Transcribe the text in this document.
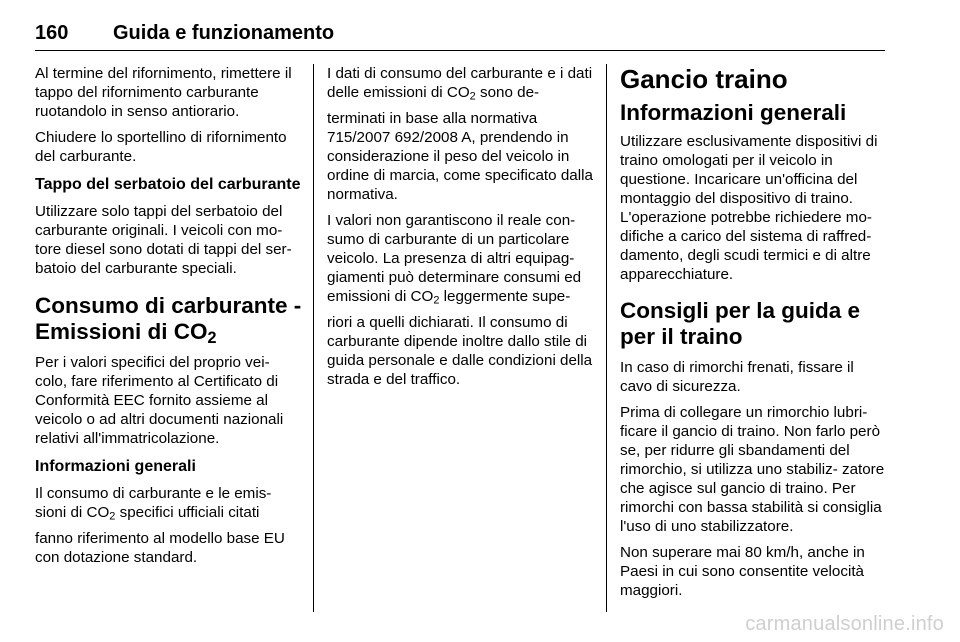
160 Guida e funzionamento

Al termine del rifornimento, rimettere il tappo del rifornimento carburante ruotandolo in senso antiorario.

Chiudere lo sportellino di rifornimento del carburante.

Tappo del serbatoio del carburante

Utilizzare solo tappi del serbatoio del carburante originali. I veicoli con mo- tore diesel sono dotati di tappi del ser- batoio del carburante speciali.

Consumo di carburante - Emissioni di $CO_2$

Per i valori specifici del proprio vei- colo, fare riferimento al Certificato di Conformità EEC fornito assieme al veicolo o ad altri documenti nazionali relativi all'immatricolazione.

Informazioni generali

Il consumo di carburante e le emis- sioni di $CO_2$ specifici ufficiali citati

fanno riferimento al modello base EU con dotazione standard.

I dati di consumo del carburante e i dati delle emissioni di $CO_2$ sono de-

terminati in base alla normativa 715/2007 692/2008 A, prendendo in considerazione il peso del veicolo in ordine di marcia, come specificato dalla normativa.

I valori non garantiscono il reale con- sumo di carburante di un particolare veicolo. La presenza di altri equipag- giamenti può determinare consumi ed emissioni di $CO_2$ leggermente supe-

riori a quelli dichiarati. Il consumo di carburante dipende inoltre dallo stile di guida personale e dalle condizioni della strada e del traffico.

Gancio traino
Informazioni generali

Utilizzare esclusivamente dispositivi di traino omologati per il veicolo in questione. Incaricare un'officina del montaggio del dispositivo di traino. L'operazione potrebbe richiedere mo- difiche a carico del sistema di raffred- damento, degli scudi termici e di altre apparecchiature.

Consigli per la guida e per il traino

In caso di rimorchi frenati, fissare il cavo di sicurezza.

Prima di collegare un rimorchio lubri- ficare il gancio di traino. Non farlo però se, per ridurre gli sbandamenti del rimorchio, si utilizza uno stabiliz- zatore che agisce sul gancio di traino. Per rimorchi con bassa stabilità si consiglia l'uso di uno stabilizzatore.

Non superare mai 80 km/h, anche in Paesi in cui sono consentite velocità maggiori.

carmanualsonline.info
